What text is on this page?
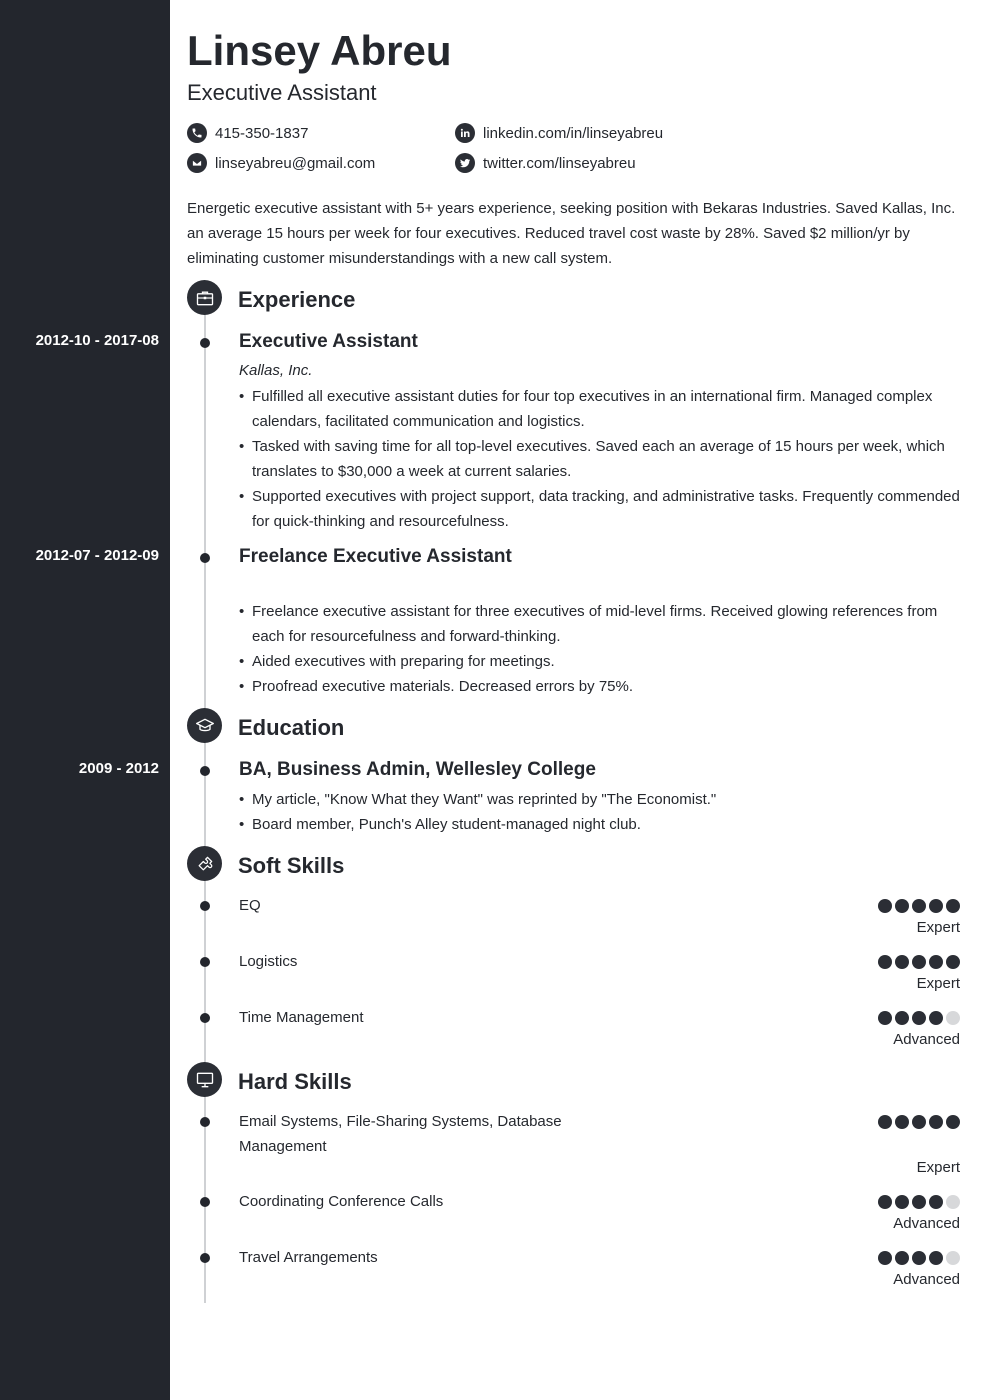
Linsey Abreu
Executive Assistant
415-350-1837
linseyabreu@gmail.com
linkedin.com/in/linseyabreu
twitter.com/linseyabreu
Energetic executive assistant with 5+ years experience, seeking position with Bekaras Industries. Saved Kallas, Inc. an average 15 hours per week for four executives. Reduced travel cost waste by 28%. Saved $2 million/yr by eliminating customer misunderstandings with a new call system.
Experience
2012-10 - 2017-08	Executive Assistant
Kallas, Inc.
• Fulfilled all executive assistant duties for four top executives in an international firm. Managed complex calendars, facilitated communication and logistics.
• Tasked with saving time for all top-level executives. Saved each an average of 15 hours per week, which translates to $30,000 a week at current salaries.
• Supported executives with project support, data tracking, and administrative tasks. Frequently commended for quick-thinking and resourcefulness.
2012-07 - 2012-09	Freelance Executive Assistant
• Freelance executive assistant for three executives of mid-level firms. Received glowing references from each for resourcefulness and forward-thinking.
• Aided executives with preparing for meetings.
• Proofread executive materials. Decreased errors by 75%.
Education
2009 - 2012	BA, Business Admin, Wellesley College
• My article, "Know What they Want" was reprinted by "The Economist."
• Board member, Punch's Alley student-managed night club.
Soft Skills
EQ
Expert
Logistics
Expert
Time Management
Advanced
Hard Skills
Email Systems, File-Sharing Systems, Database Management
Expert
Coordinating Conference Calls
Advanced
Travel Arrangements
Advanced
